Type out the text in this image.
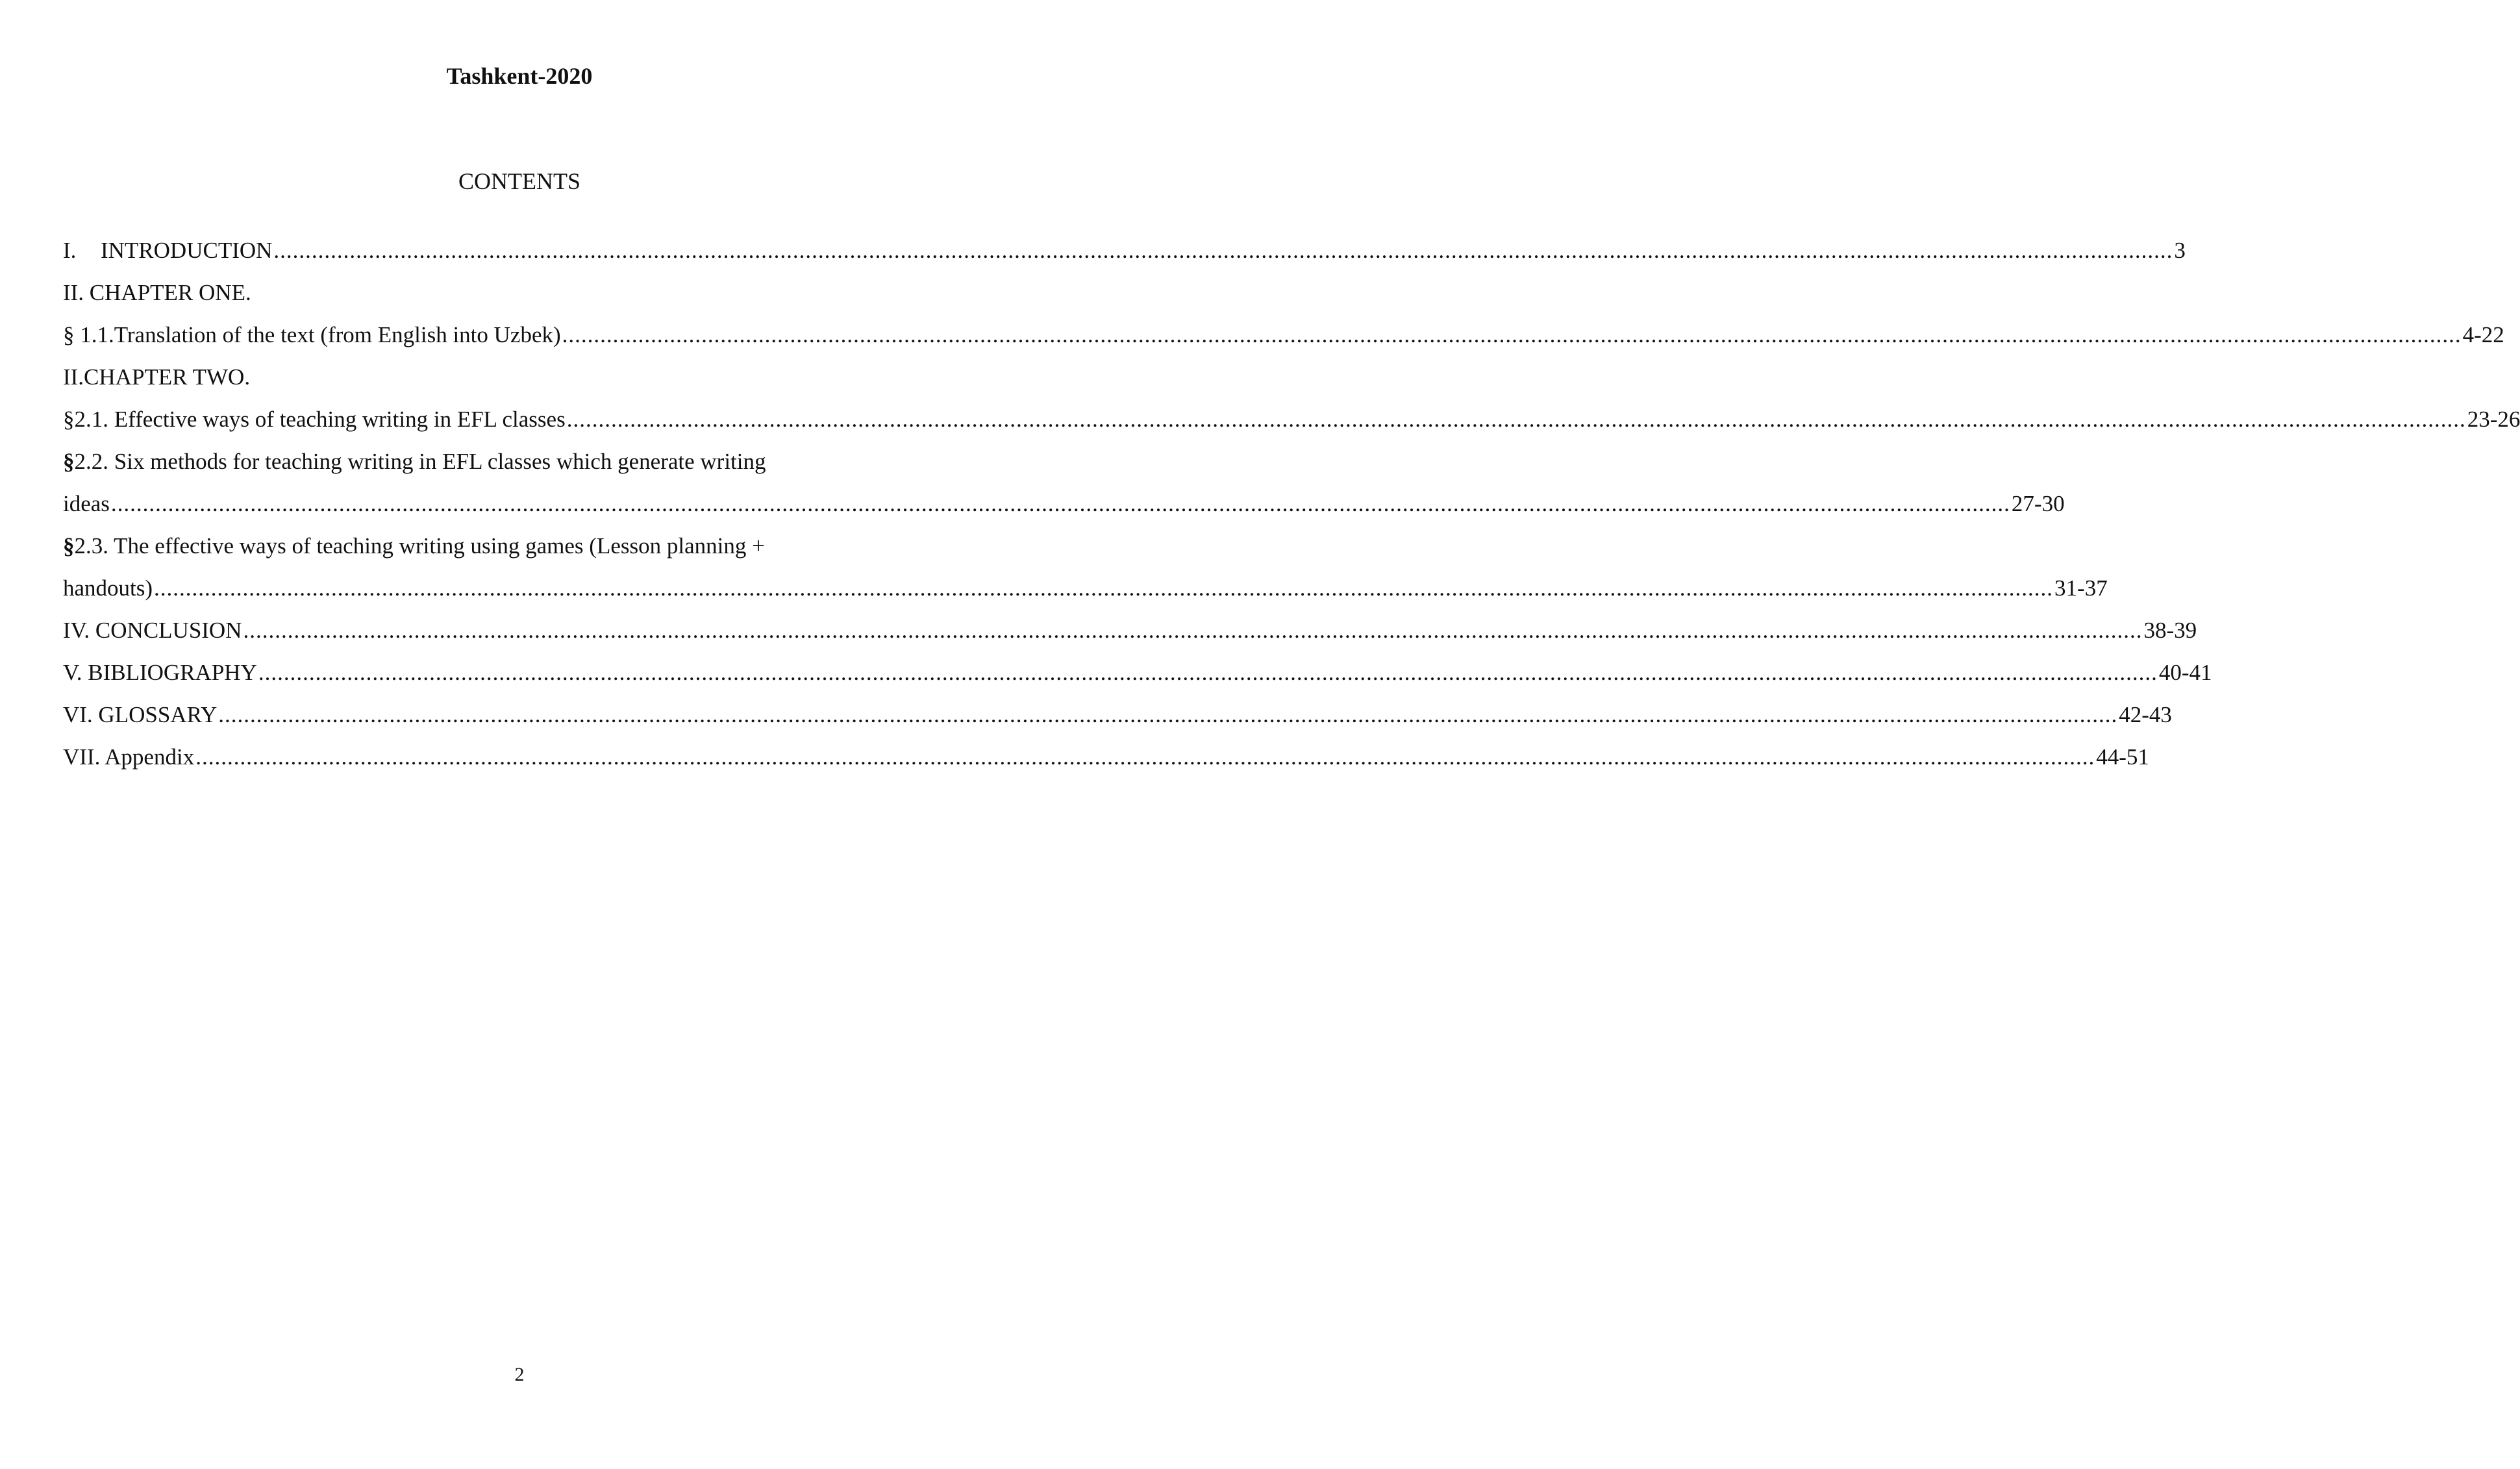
Tashkent-2020
CONTENTS
I. INTRODUCTION ............................................................................................................................................................................................................................................................................................................ 3
II. CHAPTER ONE.
§ 1.1.Translation of the text (from English into Uzbek) ............................................................................................................................................................................................................................................................................................................ 4-22
II.CHAPTER TWO.
§2.1. Effective ways of teaching writing in EFL classes ............................................................................................................................................................................................................................................................................................................ 23-26
§2.2. Six methods for teaching writing in EFL classes which generate writing
ideas ............................................................................................................................................................................................................................................................................................................ 27-30
§2.3. The effective ways of teaching writing using games (Lesson planning +
handouts) ............................................................................................................................................................................................................................................................................................................ 31-37
IV. CONCLUSION ............................................................................................................................................................................................................................................................................................................ 38-39
V. BIBLIOGRAPHY ............................................................................................................................................................................................................................................................................................................ 40-41
VI. GLOSSARY ............................................................................................................................................................................................................................................................................................................ 42-43
VII. Appendix ............................................................................................................................................................................................................................................................................................................ 44-51
2
